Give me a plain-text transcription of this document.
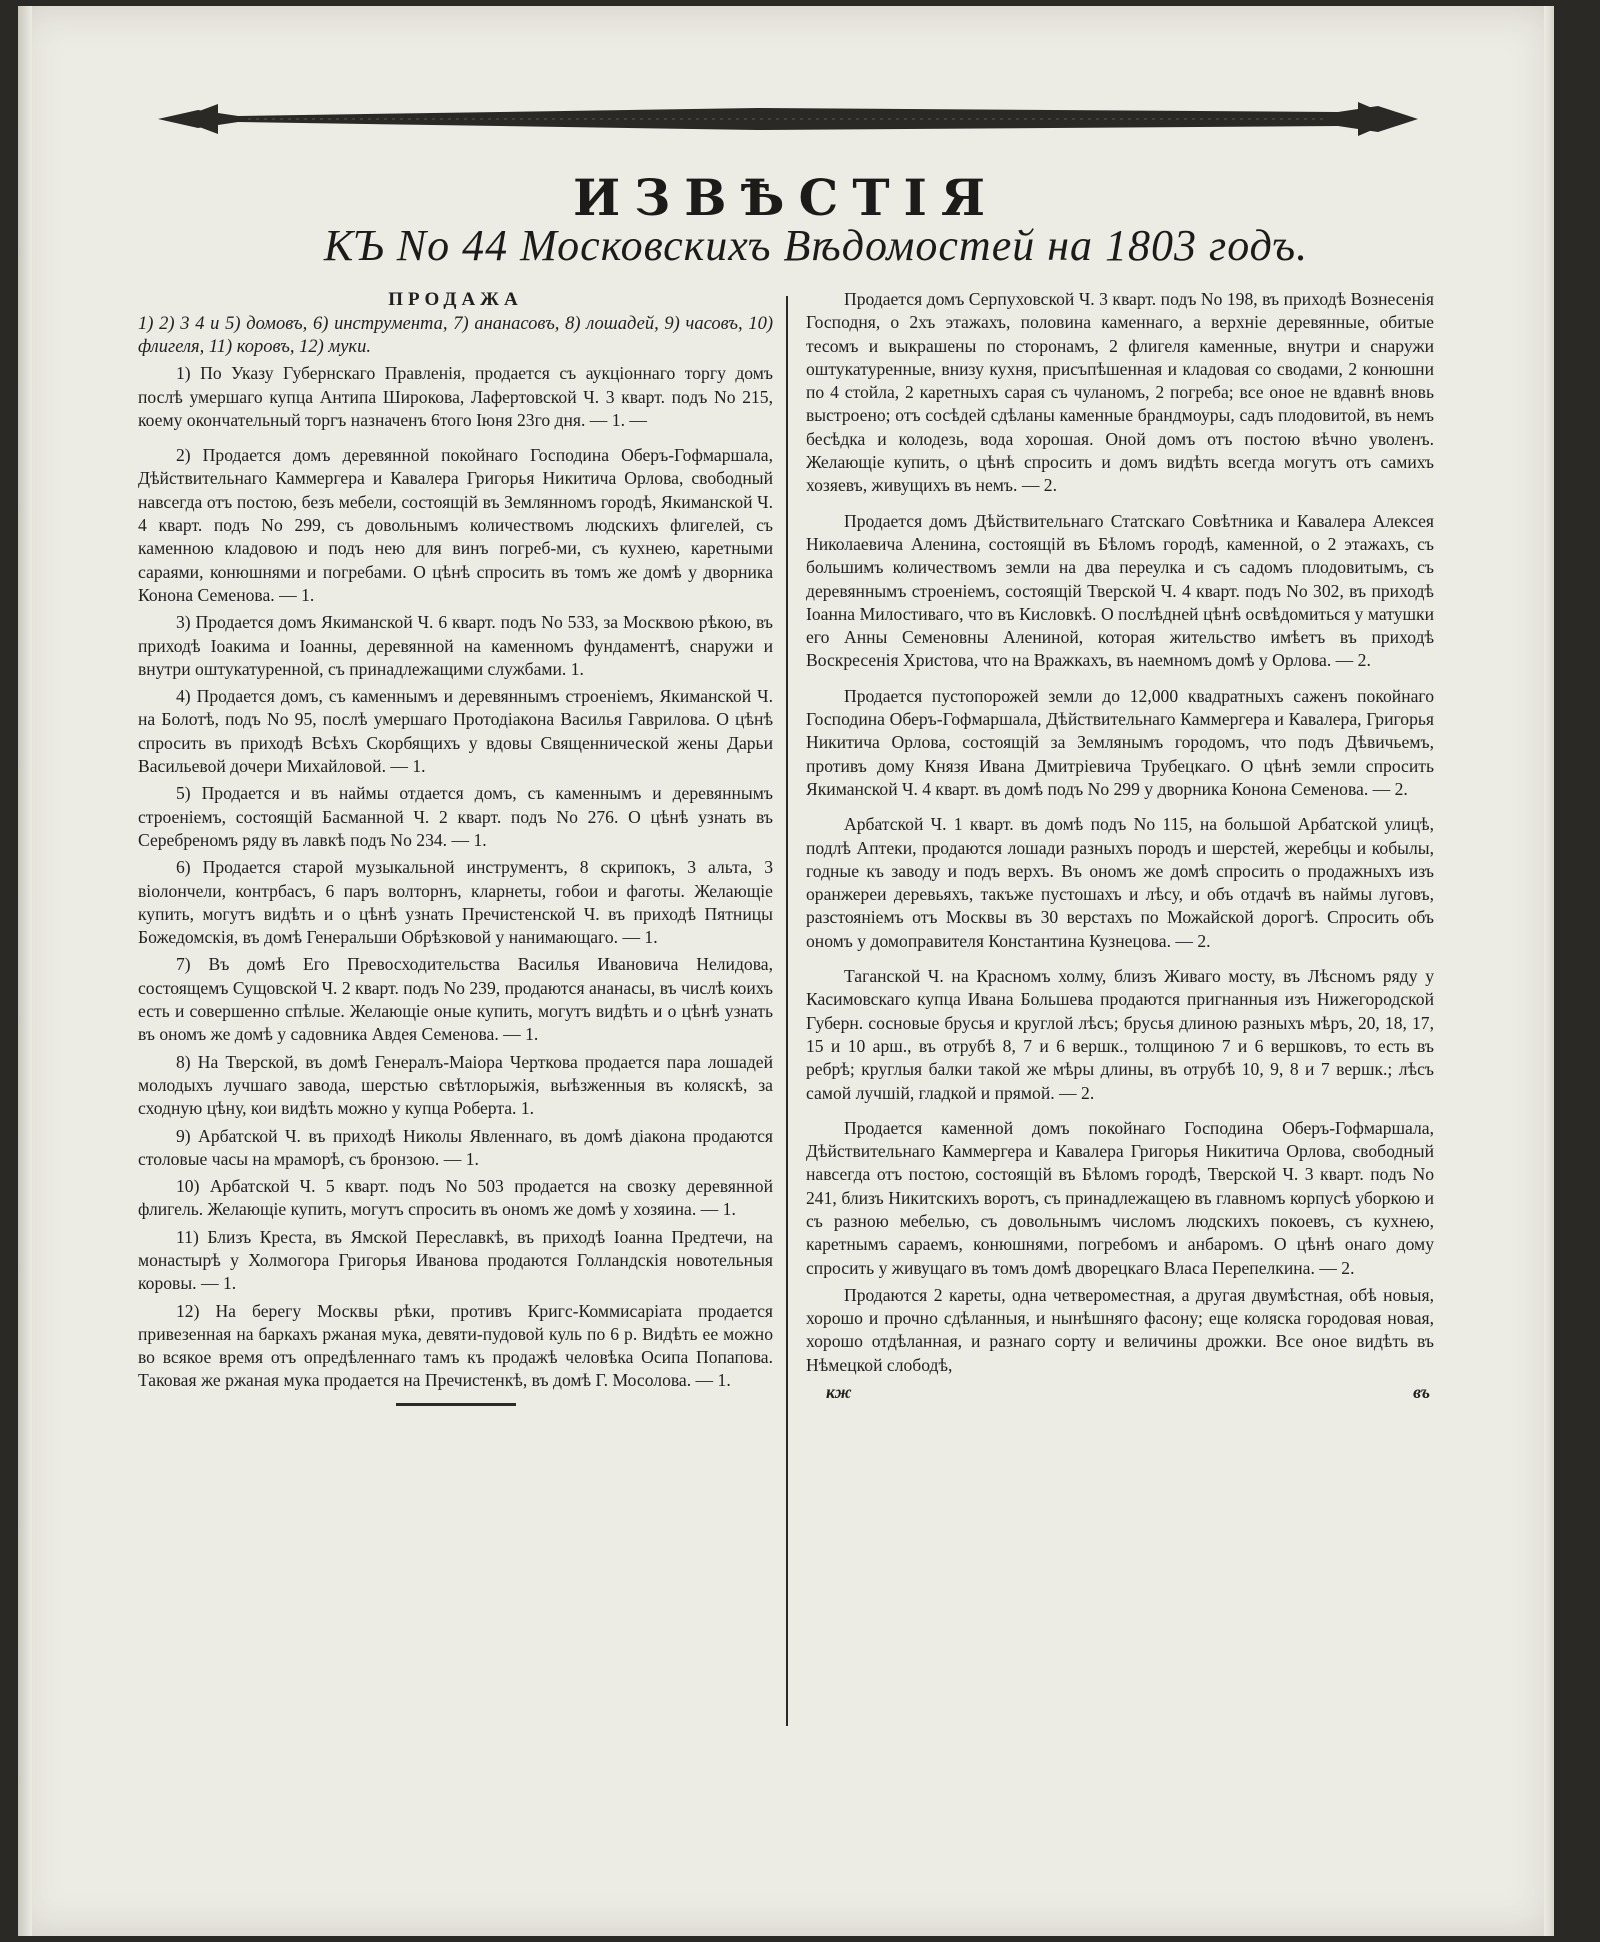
ИЗВѢСТІЯ
КЪ No 44 Московскихъ Вѣдомостей на 1803 годъ.

ПРОДАЖА

1) 2) 3 4 и 5) домовъ, 6) инструмента, 7) ананасовъ, 8) лошадей, 9) часовъ, 10) флигеля, 11) коровъ, 12) муки.

1) По Указу Губернскаго Правленія, продается съ аукціоннаго торгу домъ послѣ умершаго купца Антипа Широкова, Лафертовской Ч. 3 кварт. подъ No 215, коему окончательный торгъ назначенъ 6того Іюня 23го дня. — 1. —

2) Продается домъ деревянной покойнаго Господина Оберъ-Гофмаршала, Дѣйствительнаго Каммергера и Кавалера Григорья Никитича Орлова, свободный навсегда отъ постою, безъ мебели, состоящій въ Землянномъ городѣ, Якиманской Ч. 4 кварт. подъ No 299, съ довольнымъ количествомъ людскихъ флигелей, съ каменною кладовою и подъ нею для винъ погреб-ми, съ кухнею, каретными сараями, конюшнями и погребами. О цѣнѣ спросить въ томъ же домѣ у дворника Конона Семенова. — 1.

3) Продается домъ Якиманской Ч. 6 кварт. подъ No 533, за Москвою рѣкою, въ приходѣ Іоакима и Іоанны, деревянной на каменномъ фундаментѣ, снаружи и внутри оштукатуренной, съ принадлежащими службами. 1.

4) Продается домъ, съ каменнымъ и деревяннымъ строеніемъ, Якиманской Ч. на Болотѣ, подъ No 95, послѣ умершаго Протодіакона Василья Гаврилова. О цѣнѣ спросить въ приходѣ Всѣхъ Скорбящихъ у вдовы Священнической жены Дарьи Васильевой дочери Михайловой. — 1.

5) Продается и въ наймы отдается домъ, съ каменнымъ и деревяннымъ строеніемъ, состоящій Басманной Ч. 2 кварт. подъ No 276. О цѣнѣ узнать въ Серебреномъ ряду въ лавкѣ подъ No 234. — 1.

6) Продается старой музыкальной инструментъ, 8 скрипокъ, 3 альта, 3 віолончели, контрбасъ, 6 паръ волторнъ, кларнеты, гобои и фаготы. Желающіе купить, могутъ видѣть и о цѣнѣ узнать Пречистенской Ч. въ приходѣ Пятницы Божедомскія, въ домѣ Генеральши Обрѣзковой у нанимающаго. — 1.

7) Въ домѣ Его Превосходительства Василья Ивановича Нелидова, состоящемъ Сущовской Ч. 2 кварт. подъ No 239, продаются ананасы, въ числѣ коихъ есть и совершенно спѣлые. Желающіе оные купить, могутъ видѣть и о цѣнѣ узнать въ ономъ же домѣ у садовника Авдея Семенова. — 1.

8) На Тверской, въ домѣ Генералъ-Маіора Черткова продается пара лошадей молодыхъ лучшаго завода, шерстью свѣтлорыжія, выѣзженныя въ коляскѣ, за сходную цѣну, кои видѣть можно у купца Роберта. 1.

9) Арбатской Ч. въ приходѣ Николы Явленнаго, въ домѣ діакона продаются столовые часы на мраморѣ, съ бронзою. — 1.

10) Арбатской Ч. 5 кварт. подъ No 503 продается на свозку деревянной флигель. Желающіе купить, могутъ спросить въ ономъ же домѣ у хозяина. — 1.

11) Близъ Креста, въ Ямской Переславкѣ, въ приходѣ Іоанна Предтечи, на монастырѣ у Холмогора Григорья Иванова продаются Голландскія новотельныя коровы. — 1.

12) На берегу Москвы рѣки, противъ Кригс-Коммисаріата продается привезенная на баркахъ ржаная мука, девяти-пудовой куль по 6 р. Видѣть ее можно во всякое время отъ опредѣленнаго тамъ къ продажѣ человѣка Осипа Попапова. Таковая же ржаная мука продается на Пречистенкѣ, въ домѣ Г. Мосолова. — 1.

Продается домъ Серпуховской Ч. 3 кварт. подъ No 198, въ приходѣ Вознесенія Господня, о 2хъ этажахъ, половина каменнаго, а верхніе деревянные, обитые тесомъ и выкрашены по сторонамъ, 2 флигеля каменные, внутри и снаружи оштукатуренные, внизу кухня, присъпѣшенная и кладовая со сводами, 2 конюшни по 4 стойла, 2 каретныхъ сарая съ чуланомъ, 2 погреба; все оное не вдавнѣ вновь выстроено; отъ сосѣдей сдѣланы каменные брандмоуры, садъ плодовитой, въ немъ бесѣдка и колодезь, вода хорошая. Оной домъ отъ постою вѣчно уволенъ. Желающіе купить, о цѣнѣ спросить и домъ видѣть всегда могутъ отъ самихъ хозяевъ, живущихъ въ немъ. — 2.

Продается домъ Дѣйствительнаго Статскаго Совѣтника и Кавалера Алексея Николаевича Аленина, состоящій въ Бѣломъ городѣ, каменной, о 2 этажахъ, съ большимъ количествомъ земли на два переулка и съ садомъ плодовитымъ, съ деревяннымъ строеніемъ, состоящій Тверской Ч. 4 кварт. подъ No 302, въ приходѣ Іоанна Милостиваго, что въ Кисловкѣ. О послѣдней цѣнѣ освѣдомиться у матушки его Анны Семеновны Алениной, которая жительство имѣетъ въ приходѣ Воскресенія Христова, что на Вражкахъ, въ наемномъ домѣ у Орлова. — 2.

Продается пустопорожей земли до 12,000 квадратныхъ саженъ покойнаго Господина Оберъ-Гофмаршала, Дѣйствительнаго Каммергера и Кавалера, Григорья Никитича Орлова, состоящій за Землянымъ городомъ, что подъ Дѣвичьемъ, противъ дому Князя Ивана Дмитріевича Трубецкаго. О цѣнѣ земли спросить Якиманской Ч. 4 кварт. въ домѣ подъ No 299 у дворника Конона Семенова. — 2.

Арбатской Ч. 1 кварт. въ домѣ подъ No 115, на большой Арбатской улицѣ, подлѣ Аптеки, продаются лошади разныхъ породъ и шерстей, жеребцы и кобылы, годные къ заводу и подъ верхъ. Въ ономъ же домѣ спросить о продажныхъ изъ оранжереи деревьяхъ, такъже пустошахъ и лѣсу, и объ отдачѣ въ наймы луговъ, разстояніемъ отъ Москвы въ 30 верстахъ по Можайской дорогѣ. Спросить объ ономъ у домоправителя Константина Кузнецова. — 2.

Таганской Ч. на Красномъ холму, близъ Живаго мосту, въ Лѣсномъ ряду у Касимовскаго купца Ивана Большева продаются пригнанныя изъ Нижегородской Губерн. сосновые брусья и круглой лѣсъ; брусья длиною разныхъ мѣръ, 20, 18, 17, 15 и 10 арш., въ отрубѣ 8, 7 и 6 вершк., толщиною 7 и 6 вершковъ, то есть въ ребрѣ; круглыя балки такой же мѣры длины, въ отрубѣ 10, 9, 8 и 7 вершк.; лѣсъ самой лучшій, гладкой и прямой. — 2.

Продается каменной домъ покойнаго Господина Оберъ-Гофмаршала, Дѣйствительнаго Каммергера и Кавалера Григорья Никитича Орлова, свободный навсегда отъ постою, состоящій въ Бѣломъ городѣ, Тверской Ч. 3 кварт. подъ No 241, близъ Никитскихъ воротъ, съ принадлежащею въ главномъ корпусѣ уборкою и съ разною мебелью, съ довольнымъ числомъ людскихъ покоевъ, съ кухнею, каретнымъ сараемъ, конюшнями, погребомъ и анбаромъ. О цѣнѣ онаго дому спросить у живущаго въ томъ домѣ дворецкаго Власа Перепелкина. — 2.

Продаются 2 кареты, одна четвероместная, а другая двумѣстная, обѣ новыя, хорошо и прочно сдѣланныя, и нынѣшняго фасону; еще коляска городовая новая, хорошо отдѣланная, и разнаго сорту и величины дрожки. Все оное видѣть въ Нѣмецкой слободѣ,

кж	въ
